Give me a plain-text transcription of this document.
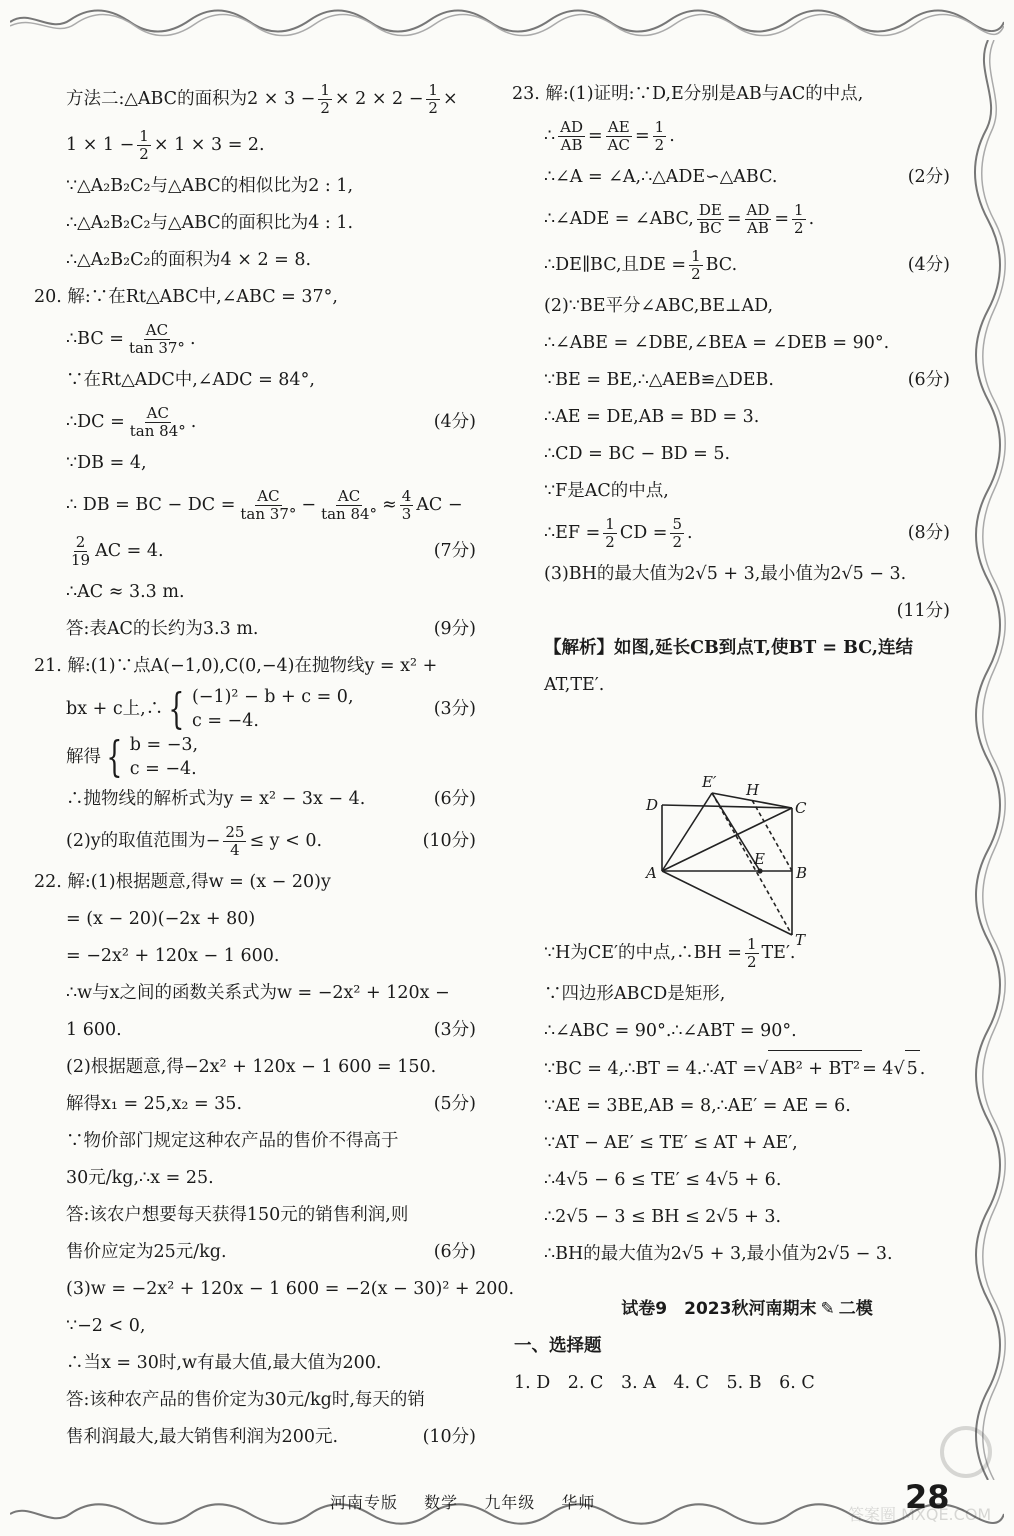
方法二:△ABC的面积为$2 \times 3 - \frac{1}{2} \times 2 \times 2 - \frac{1}{2}$ ×
$1 \times 1 - \frac{1}{2} \times 1 \times 3 = 2$.
∵△A₂B₂C₂与△ABC的相似比为2 : 1,
∴△A₂B₂C₂与△ABC的面积比为4 : 1.
∴△A₂B₂C₂的面积为4 × 2 = 8.
20. 解:∵在Rt△ABC中,∠ABC = 37°,
∴BC = $\frac{AC}{\tan 37^\circ}$ .
∵在Rt△ADC中,∠ADC = 84°,
∴DC = $\frac{AC}{\tan 84^\circ}$ .	(4分)
∵DB = 4,
∴ DB = BC − DC = $\frac{AC}{\tan 37^\circ} - \frac{AC}{\tan 84^\circ} \approx \frac{4}{3}$ AC −
$\frac{2}{19}$ AC = 4.	(7分)
∴AC ≈ 3.3 m.
答:表AC的长约为3.3 m.	(9分)
21. 解:(1)∵点A(−1,0),C(0,−4)在抛物线y = x² +
bx + c上,∴ { (−1)² − b + c = 0,
c = −4.
(3分)
解得 { b = −3,
c = −4.
∴抛物线的解析式为y = x² − 3x − 4.	(6分)
(2)y的取值范围为− $\frac{25}{4} \le y < 0$.	(10分)
22. 解:(1)根据题意,得w = (x − 20)y
= (x − 20)(−2x + 80)
= −2x² + 120x − 1 600.
∴w与x之间的函数关系式为w = −2x² + 120x −
1 600.	(3分)
(2)根据题意,得−2x² + 120x − 1 600 = 150.
解得x₁ = 25,x₂ = 35.	(5分)
∵物价部门规定这种农产品的售价不得高于
30元/kg,∴x = 25.
答:该农户想要每天获得150元的销售利润,则
售价应定为25元/kg.	(6分)
(3)w = −2x² + 120x − 1 600 = −2(x − 30)² + 200.
∵−2 < 0,
∴当x = 30时,w有最大值,最大值为200.
答:该种农产品的售价定为30元/kg时,每天的销
售利润最大,最大销售利润为200元.	(10分)
23. 解:(1)证明:∵D,E分别是AB与AC的中点,
∴ $\frac{AD}{AB} = \frac{AE}{AC} = \frac{1}{2}$ .
∴∠A = ∠A,∴△ADE∽△ABC.	(2分)
∴∠ADE = ∠ABC, $\frac{DE}{BC} = \frac{AD}{AB} = \frac{1}{2}$ .
∴DE∥BC,且DE = $\frac{1}{2}$ BC.	(4分)
(2)∵BE平分∠ABC,BE⊥AD,
∴∠ABE = ∠DBE,∠BEA = ∠DEB = 90°.
∵BE = BE,∴△AEB≌△DEB.	(6分)
∴AE = DE,AB = BD = 3.
∴CD = BC − BD = 5.
∵F是AC的中点,
∴EF = $\frac{1}{2}$ CD = $\frac{5}{2}$ .	(8分)
(3)BH的最大值为2√5 + 3,最小值为2√5 − 3.
(11分)
【解析】如图,延长CB到点T,使BT = BC,连结
AT,TE′.
∵H为CE′的中点,∴BH = $\frac{1}{2} TE'$.
∵四边形ABCD是矩形,
∴∠ABC = 90°.∴∠ABT = 90°.
∵BC = 4,∴BT = 4.∴AT = √ AB² + BT² = 4 √ 5 .
∵AE = 3BE,AB = 8,∴AE′ = AE = 6.
∵AT − AE′ ≤ TE′ ≤ AT + AE′,
∴4√5 − 6 ≤ TE′ ≤ 4√5 + 6.
∴2√5 − 3 ≤ BH ≤ 2√5 + 3.
∴BH的最大值为2√5 + 3,最小值为2√5 − 3.
试卷9　2023秋河南期末 ✎ 二模
一、选择题
1. D　2. C　3. A　4. C　5. B　6. C
E′ H
D	C
A
E
B
T
河南专版 数学 九年级 华师	28
答案圈 MXQE.COM
